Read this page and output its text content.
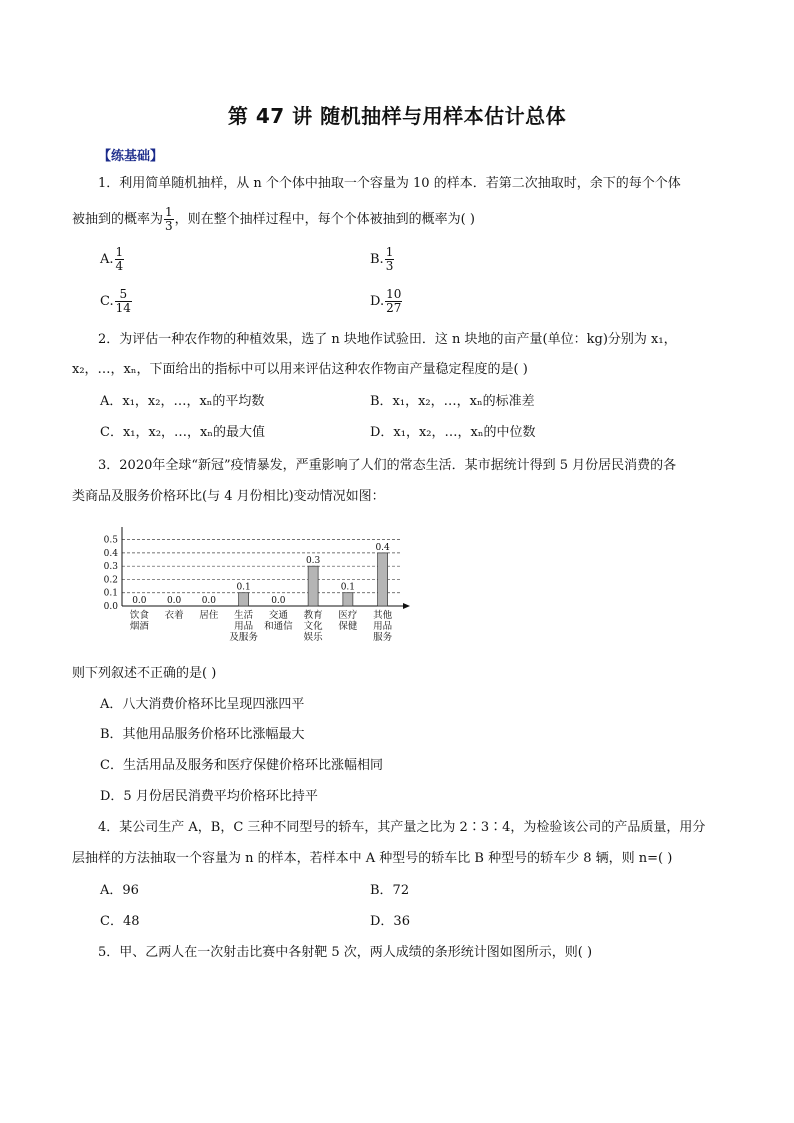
第 47 讲 随机抽样与用样本估计总体
【练基础】
1．利用简单随机抽样，从 n 个个体中抽取一个容量为 10 的样本．若第二次抽取时，余下的每个个体
被抽到的概率为 $\frac{1}{3}$ ，则在整个抽样过程中，每个个体被抽到的概率为( )
A. $\frac{1}{4}$	B. $\frac{1}{3}$
C. $\frac{5}{14}$	D. $\frac{10}{27}$
2．为评估一种农作物的种植效果，选了 n 块地作试验田．这 n 块地的亩产量(单位：kg)分别为 x₁，
x₂，…，xₙ，下面给出的指标中可以用来评估这种农作物亩产量稳定程度的是( )
A．x₁，x₂，…，xₙ的平均数	B．x₁，x₂，…，xₙ的标准差
C．x₁，x₂，…，xₙ的最大值	D．x₁，x₂，…，xₙ的中位数
3．2020年全球“新冠”疫情暴发，严重影响了人们的常态生活．某市据统计得到 5 月份居民消费的各
类商品及服务价格环比(与 4 月份相比)变动情况如图：
0.0
0.1
0.2
0.3
0.4
0.5
0.0
饮食
烟酒
0.0
衣着
0.0
居住
0.1
生活
用品
及服务
0.0
交通
和通信
0.3
教育
文化
娱乐
0.1
医疗
保健
0.4
其他
用品
服务
则下列叙述不正确的是( )
A．八大消费价格环比呈现四涨四平
B．其他用品服务价格环比涨幅最大
C．生活用品及服务和医疗保健价格环比涨幅相同
D．5 月份居民消费平均价格环比持平
4．某公司生产 A，B，C 三种不同型号的轿车，其产量之比为 2∶3∶4，为检验该公司的产品质量，用分
层抽样的方法抽取一个容量为 n 的样本，若样本中 A 种型号的轿车比 B 种型号的轿车少 8 辆，则 n=( )
A．96	B．72
C．48	D．36
5．甲、乙两人在一次射击比赛中各射靶 5 次，两人成绩的条形统计图如图所示，则( )
